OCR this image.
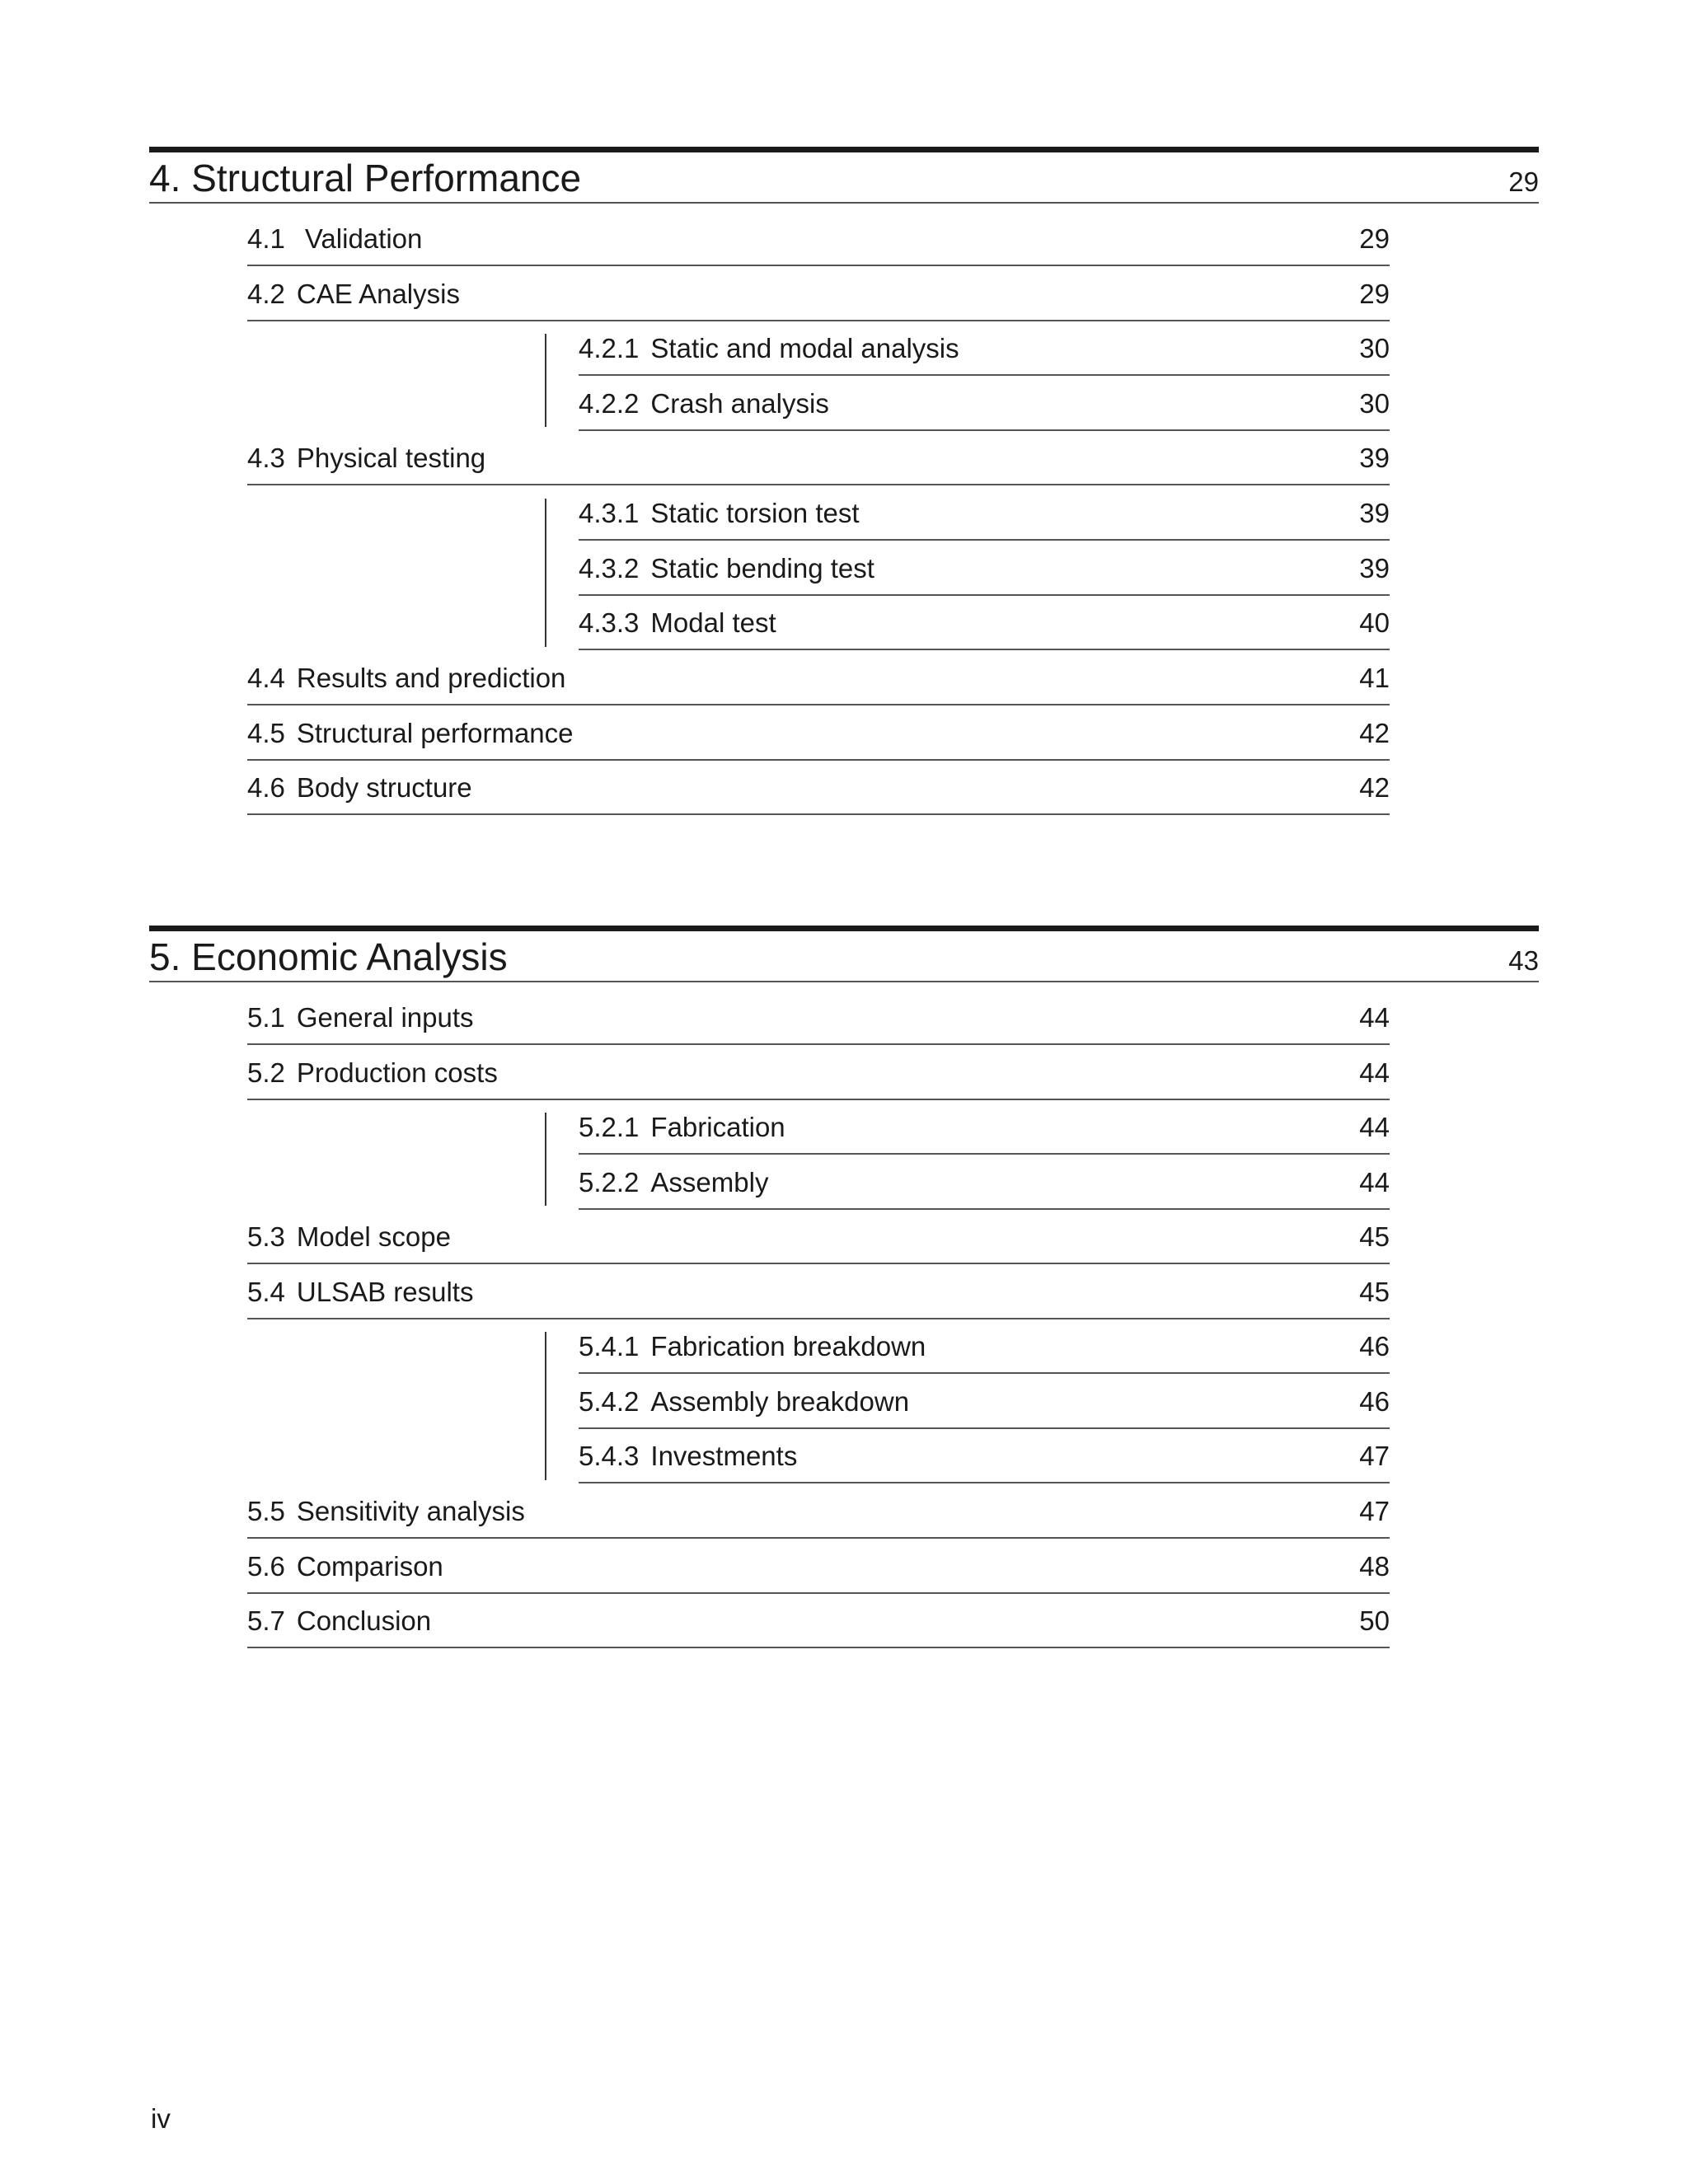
4. Structural Performance	29
4.1 Validation	29
4.2 CAE Analysis	29
4.2.1 Static and modal analysis	30
4.2.2 Crash analysis	30
4.3 Physical testing	39
4.3.1 Static torsion test	39
4.3.2 Static bending test	39
4.3.3 Modal test	40
4.4 Results and prediction	41
4.5 Structural performance	42
4.6 Body structure	42
5. Economic Analysis	43
5.1 General inputs	44
5.2 Production costs	44
5.2.1 Fabrication	44
5.2.2 Assembly	44
5.3 Model scope	45
5.4 ULSAB results	45
5.4.1 Fabrication breakdown	46
5.4.2 Assembly breakdown	46
5.4.3 Investments	47
5.5 Sensitivity analysis	47
5.6 Comparison	48
5.7 Conclusion	50
iv
